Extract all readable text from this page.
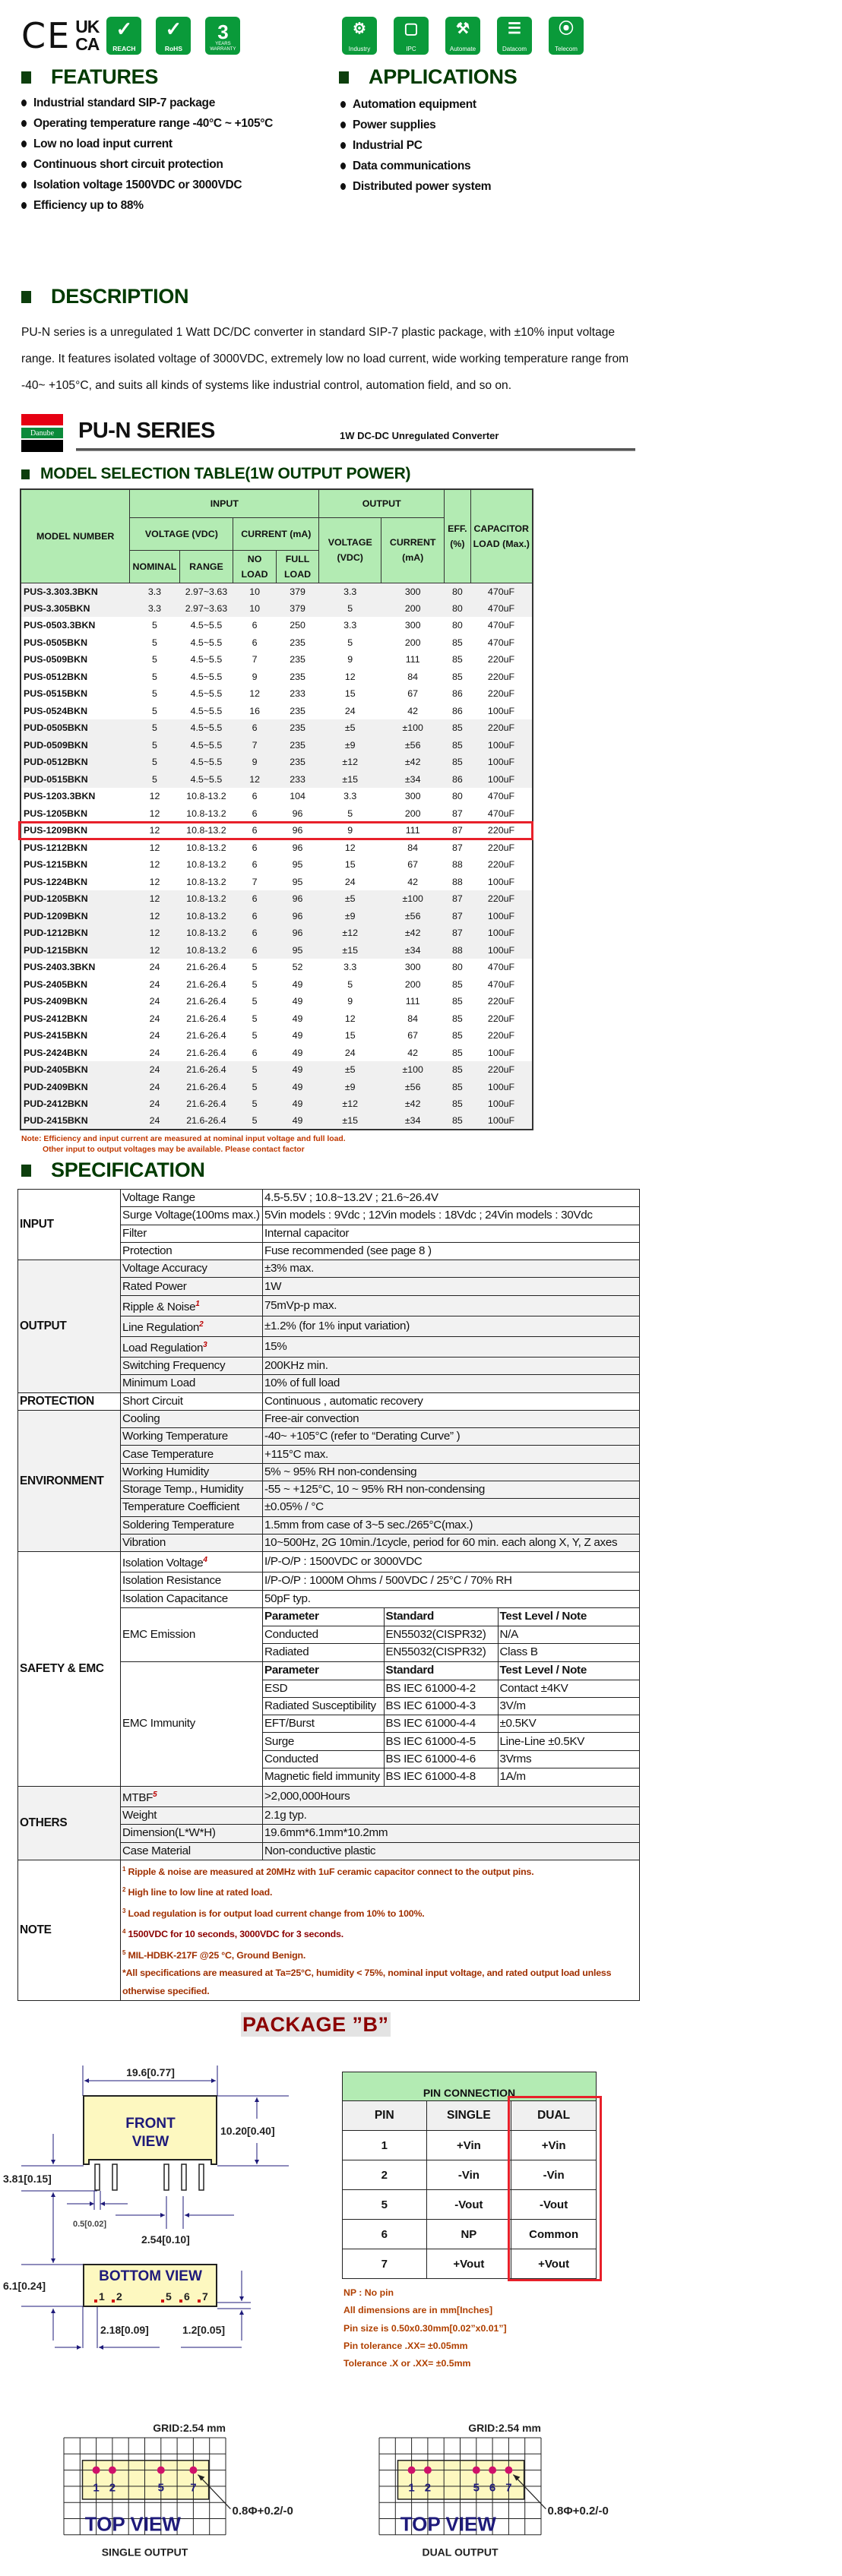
CE UK
CA
✓
REACH
✓
RoHS
3
YEARS
WARRANTY
⚙
Industry
▢
IPC
⚒
Automate
☰
Datacom
⦿
Telecom
FEATURES
Industrial standard SIP-7 package
Operating temperature range -40°C ~ +105°C
Low no load input current
Continuous short circuit protection
Isolation voltage 1500VDC or 3000VDC
Efficiency up to 88%
APPLICATIONS
Automation equipment
Power supplies
Industrial PC
Data communications
Distributed power system
DESCRIPTION
PU-N series is a unregulated 1 Watt DC/DC converter in standard SIP-7 plastic package, with ±10% input voltage range. It features isolated voltage of 3000VDC, extremely low no load current, wide working temperature range from -40~ +105°C, and suits all kinds of systems like industrial control, automation field, and so on.
Danube	PU-N SERIES	1W DC-DC Unregulated Converter
MODEL SELECTION TABLE(1W OUTPUT POWER)
MODEL NUMBER	INPUT				OUTPUT		EFF. (%)	CAPACITOR LOAD (Max.)
	VOLTAGE (VDC)		CURRENT (mA)		VOLTAGE (VDC)	CURRENT (mA)		
	NOMINAL	RANGE	NO LOAD	FULL LOAD				
PUS-3.303.3BKN	3.3	2.97~3.63	10	379	3.3	300	80	470uF
PUS-3.305BKN	3.3	2.97~3.63	10	379	5	200	80	470uF
PUS-0503.3BKN	5	4.5~5.5	6	250	3.3	300	80	470uF
PUS-0505BKN	5	4.5~5.5	6	235	5	200	85	470uF
PUS-0509BKN	5	4.5~5.5	7	235	9	111	85	220uF
PUS-0512BKN	5	4.5~5.5	9	235	12	84	85	220uF
PUS-0515BKN	5	4.5~5.5	12	233	15	67	86	220uF
PUS-0524BKN	5	4.5~5.5	16	235	24	42	86	100uF
PUD-0505BKN	5	4.5~5.5	6	235	±5	±100	85	220uF
PUD-0509BKN	5	4.5~5.5	7	235	±9	±56	85	100uF
PUD-0512BKN	5	4.5~5.5	9	235	±12	±42	85	100uF
PUD-0515BKN	5	4.5~5.5	12	233	±15	±34	86	100uF
PUS-1203.3BKN	12	10.8-13.2	6	104	3.3	300	80	470uF
PUS-1205BKN	12	10.8-13.2	6	96	5	200	87	470uF
PUS-1209BKN	12	10.8-13.2	6	96	9	111	87	220uF
PUS-1212BKN	12	10.8-13.2	6	96	12	84	87	220uF
PUS-1215BKN	12	10.8-13.2	6	95	15	67	88	220uF
PUS-1224BKN	12	10.8-13.2	7	95	24	42	88	100uF
PUD-1205BKN	12	10.8-13.2	6	96	±5	±100	87	220uF
PUD-1209BKN	12	10.8-13.2	6	96	±9	±56	87	100uF
PUD-1212BKN	12	10.8-13.2	6	96	±12	±42	87	100uF
PUD-1215BKN	12	10.8-13.2	6	95	±15	±34	88	100uF
PUS-2403.3BKN	24	21.6-26.4	5	52	3.3	300	80	470uF
PUS-2405BKN	24	21.6-26.4	5	49	5	200	85	470uF
PUS-2409BKN	24	21.6-26.4	5	49	9	111	85	220uF
PUS-2412BKN	24	21.6-26.4	5	49	12	84	85	220uF
PUS-2415BKN	24	21.6-26.4	5	49	15	67	85	220uF
PUS-2424BKN	24	21.6-26.4	6	49	24	42	85	100uF
PUD-2405BKN	24	21.6-26.4	5	49	±5	±100	85	220uF
PUD-2409BKN	24	21.6-26.4	5	49	±9	±56	85	100uF
PUD-2412BKN	24	21.6-26.4	5	49	±12	±42	85	100uF
PUD-2415BKN	24	21.6-26.4	5	49	±15	±34	85	100uF
Note: Efficiency and input current are measured at nominal input voltage and full load.
Other input to output voltages may be available. Please contact factor
SPECIFICATION
INPUT	Voltage Range	4.5-5.5V ; 10.8~13.2V ; 21.6~26.4V
Surge Voltage(100ms max.)	5Vin models : 9Vdc ; 12Vin models : 18Vdc ; 24Vin models : 30Vdc
Filter	Internal capacitor
Protection	Fuse recommended (see page 8 )
OUTPUT	Voltage Accuracy	±3% max.
Rated Power	1W
Ripple & Noise$^1$	75mVp-p max.
Line Regulation$^2$	±1.2% (for 1% input variation)
Load Regulation$^3$	15%
Switching Frequency	200KHz min.
Minimum Load	10% of full load
PROTECTION	Short Circuit	Continuous , automatic recovery
ENVIRONMENT	Cooling	Free-air convection
Working Temperature	-40~ +105°C (refer to “Derating Curve” )
Case Temperature	+115°C max.
Working Humidity	5% ~ 95% RH non-condensing
Storage Temp., Humidity	-55 ~ +125°C, 10 ~ 95% RH non-condensing
Temperature Coefficient	±0.05% / °C
Soldering Temperature	1.5mm from case of 3~5 sec./265°C(max.)
Vibration	10~500Hz, 2G 10min./1cycle, period for 60 min. each along X, Y, Z axes
SAFETY & EMC	Isolation Voltage$^4$	I/P-O/P : 1500VDC or 3000VDC
Isolation Resistance	I/P-O/P : 1000M Ohms / 500VDC / 25°C / 70% RH
Isolation Capacitance	50pF typ.
EMC Emission	
Parameter	Standard	Test Level / Note
Conducted	EN55032(CISPR32)	N/A
Radiated	EN55032(CISPR32)	Class B

EMC Immunity	
Parameter	Standard	Test Level / Note
ESD	BS IEC 61000-4-2	Contact ±4KV
Radiated Susceptibility	BS IEC 61000-4-3	3V/m
EFT/Burst	BS IEC 61000-4-4	±0.5KV
Surge	BS IEC 61000-4-5	Line-Line ±0.5KV
Conducted	BS IEC 61000-4-6	3Vrms
Magnetic field immunity	BS IEC 61000-4-8	1A/m

OTHERS	$MTBF^5$	>2,000,000Hours
Weight	2.1g typ.
Dimension(L*W*H)	19.6mm*6.1mm*10.2mm
Case Material	Non-conductive plastic
NOTE	
$^1$ Ripple & noise are measured at 20MHz with 1uF ceramic capacitor connect to the output pins.
$^2$ High line to low line at rated load.
$^3$ Load regulation is for output load current change from 10% to 100%.
$^4$ 1500VDC for 10 seconds, 3000VDC for 3 seconds.
$^5$ MIL-HDBK-217F @25 °C, Ground Benign.
*All specifications are measured at Ta=25°C, humidity < 75%, nominal input voltage, and rated output load unless otherwise specified.
PACKAGE ”B”
FRONT
VIEW
19.6[0.77]
10.20[0.40]
3.81[0.15]
0.5[0.02]
2.54[0.10]
BOTTOM VIEW
1 2	5 6 7
6.1[0.24]
2.18[0.09]	1.2[0.05]
PIN CONNECTION		
PIN	SINGLE	DUAL
1	+Vin	+Vin
2	-Vin	-Vin
5	-Vout	-Vout
6	NP	Common
7	+Vout	+Vout
NP : No pin
All dimensions are in mm[Inches]
Pin size is 0.50x0.30mm[0.02”x0.01”]
Pin tolerance .XX= ±0.05mm
Tolerance .X or .XX= ±0.5mm
GRID:2.54 mm
1 2	5 7
TOP VIEW
0.8Φ+0.2/-0
SINGLE OUTPUT
GRID:2.54 mm
1 2	5 6 7
TOP VIEW
0.8Φ+0.2/-0
DUAL OUTPUT
